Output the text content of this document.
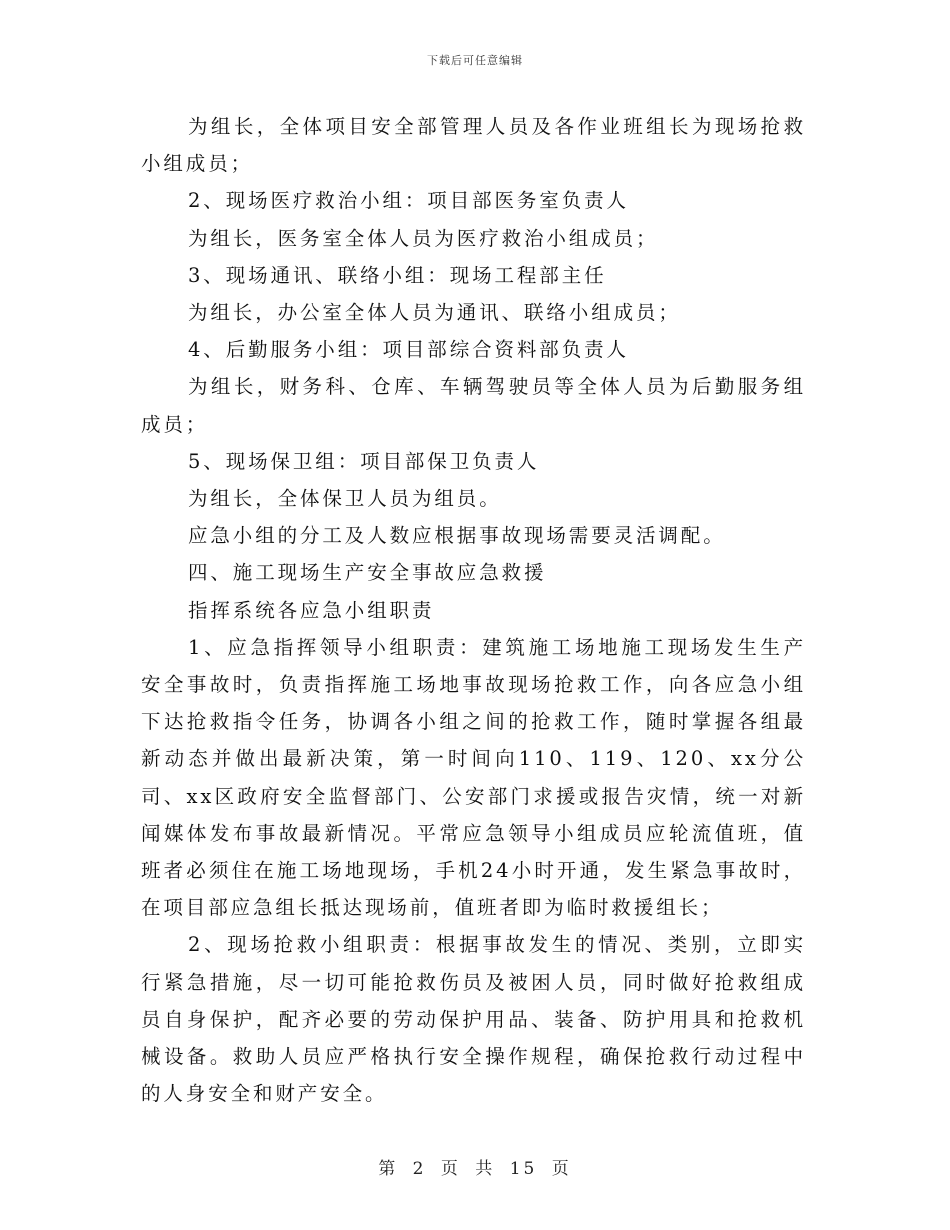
下载后可任意编辑

为组长，全体项目安全部管理人员及各作业班组长为现场抢救小组成员；

2、现场医疗救治小组：项目部医务室负责人

为组长，医务室全体人员为医疗救治小组成员；

3、现场通讯、联络小组：现场工程部主任

为组长，办公室全体人员为通讯、联络小组成员；

4、后勤服务小组：项目部综合资料部负责人

为组长，财务科、仓库、车辆驾驶员等全体人员为后勤服务组成员；

5、现场保卫组：项目部保卫负责人

为组长，全体保卫人员为组员。

应急小组的分工及人数应根据事故现场需要灵活调配。

四、施工现场生产安全事故应急救援

指挥系统各应急小组职责

1、应急指挥领导小组职责：建筑施工场地施工现场发生生产安全事故时，负责指挥施工场地事故现场抢救工作，向各应急小组下达抢救指令任务，协调各小组之间的抢救工作，随时掌握各组最新动态并做出最新决策，第一时间向110、119、120、xx分公司、xx区政府安全监督部门、公安部门求援或报告灾情，统一对新闻媒体发布事故最新情况。平常应急领导小组成员应轮流值班，值班者必须住在施工场地现场，手机24小时开通，发生紧急事故时，在项目部应急组长抵达现场前，值班者即为临时救援组长；

2、现场抢救小组职责：根据事故发生的情况、类别，立即实行紧急措施，尽一切可能抢救伤员及被困人员，同时做好抢救组成员自身保护，配齐必要的劳动保护用品、装备、防护用具和抢救机械设备。救助人员应严格执行安全操作规程，确保抢救行动过程中的人身安全和财产安全。

第 2 页 共 15 页
